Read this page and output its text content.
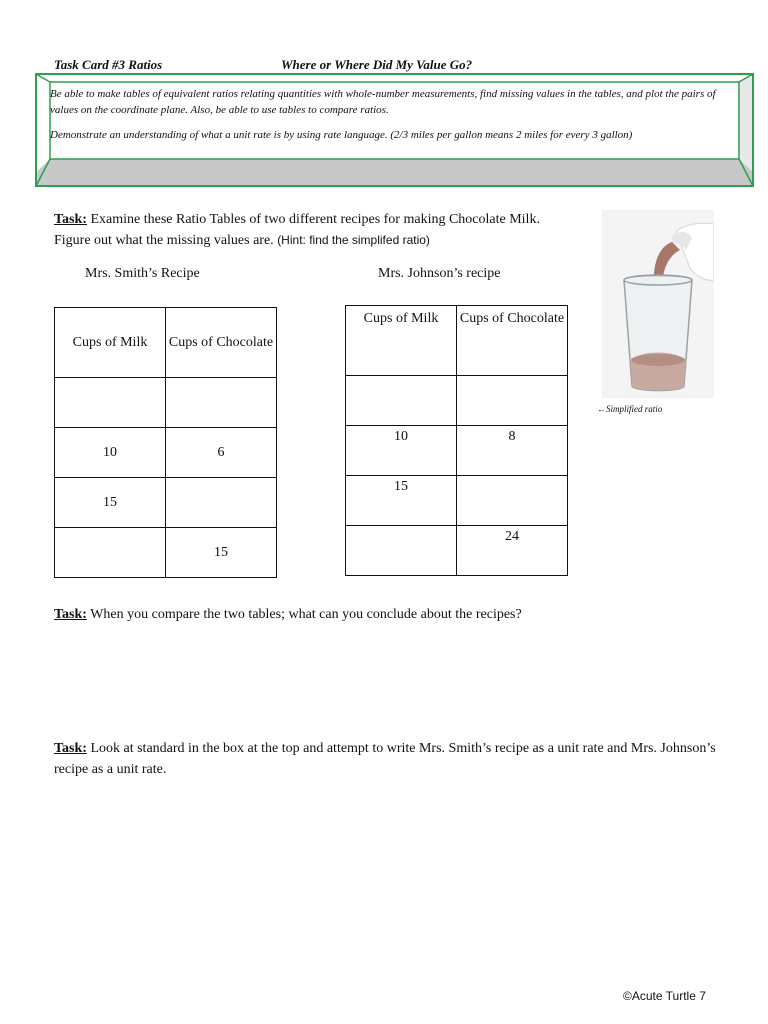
Task Card #3 Ratios	Where or Where Did My Value Go?

Be able to make tables of equivalent ratios relating quantities with whole-number measurements, find missing values in the tables, and plot the pairs of values on the coordinate plane. Also, be able to use tables to compare ratios.

Demonstrate an understanding of what a unit rate is by using rate language. (2/3 miles per gallon means 2 miles for every 3 gallon)

Task: Examine these Ratio Tables of two different recipes for making Chocolate Milk.
Figure out what the missing values are. (Hint: find the simplifed ratio)
Mrs. Smith’s Recipe	Mrs. Johnson’s recipe
Cups of Milk	Cups of Chocolate

10	6
15	
	15
Cups of Milk	Cups of Chocolate

10	8
15	
	24
←Simplified ratio
Task: When you compare the two tables; what can you conclude about the recipes?
Task: Look at standard in the box at the top and attempt to write Mrs. Smith’s recipe as a unit rate and Mrs. Johnson’s recipe as a unit rate.
©Acute Turtle 7
